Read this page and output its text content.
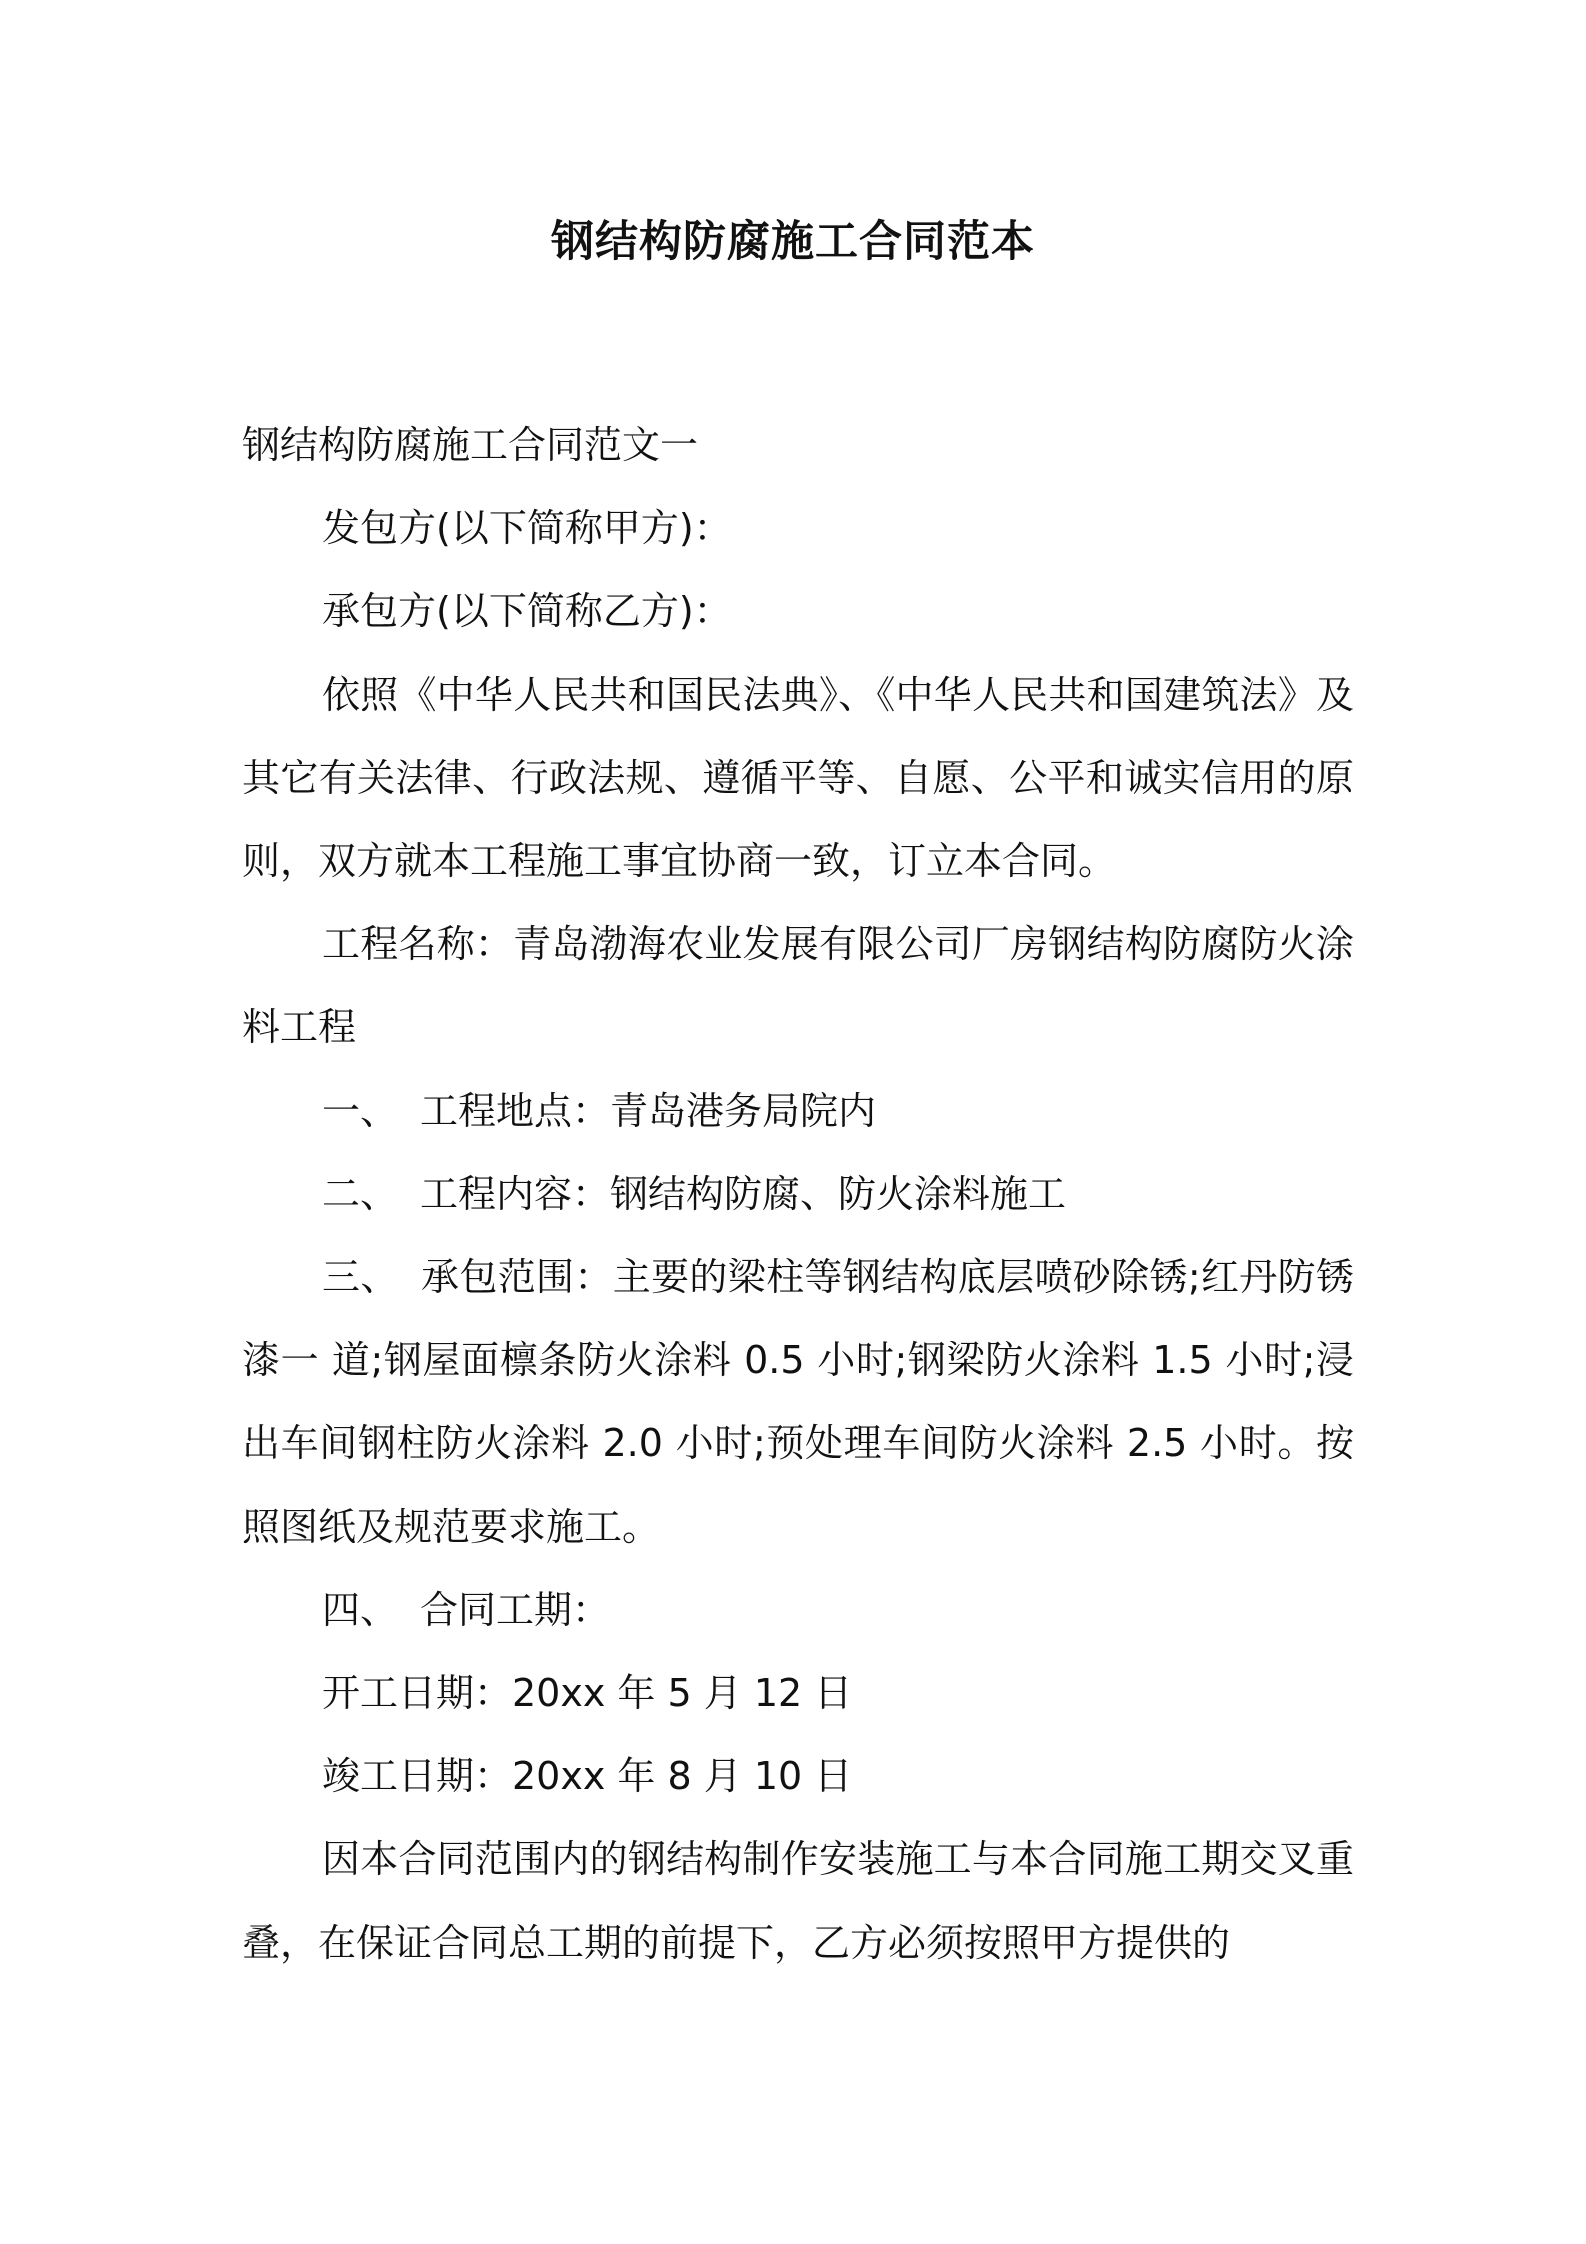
钢结构防腐施工合同范本

钢结构防腐施工合同范文一

发包方(以下简称甲方)：

承包方(以下简称乙方)：

依照《中华人民共和国民法典》、《中华人民共和国建筑法》及其它有关法律、行政法规、遵循平等、自愿、公平和诚实信用的原则，双方就本工程施工事宜协商一致，订立本合同。

工程名称：青岛渤海农业发展有限公司厂房钢结构防腐防火涂料工程

一、 工程地点：青岛港务局院内

二、 工程内容：钢结构防腐、防火涂料施工

三、 承包范围：主要的梁柱等钢结构底层喷砂除锈;红丹防锈漆一 道;钢屋面檩条防火涂料 0.5 小时;钢梁防火涂料 1.5 小时;浸出车间钢柱防火涂料 2.0 小时;预处理车间防火涂料 2.5 小时。按照图纸及规范要求施工。

四、 合同工期：

开工日期：20xx 年 5 月 12 日

竣工日期：20xx 年 8 月 10 日

因本合同范围内的钢结构制作安装施工与本合同施工期交叉重叠，在保证合同总工期的前提下，乙方必须按照甲方提供的
